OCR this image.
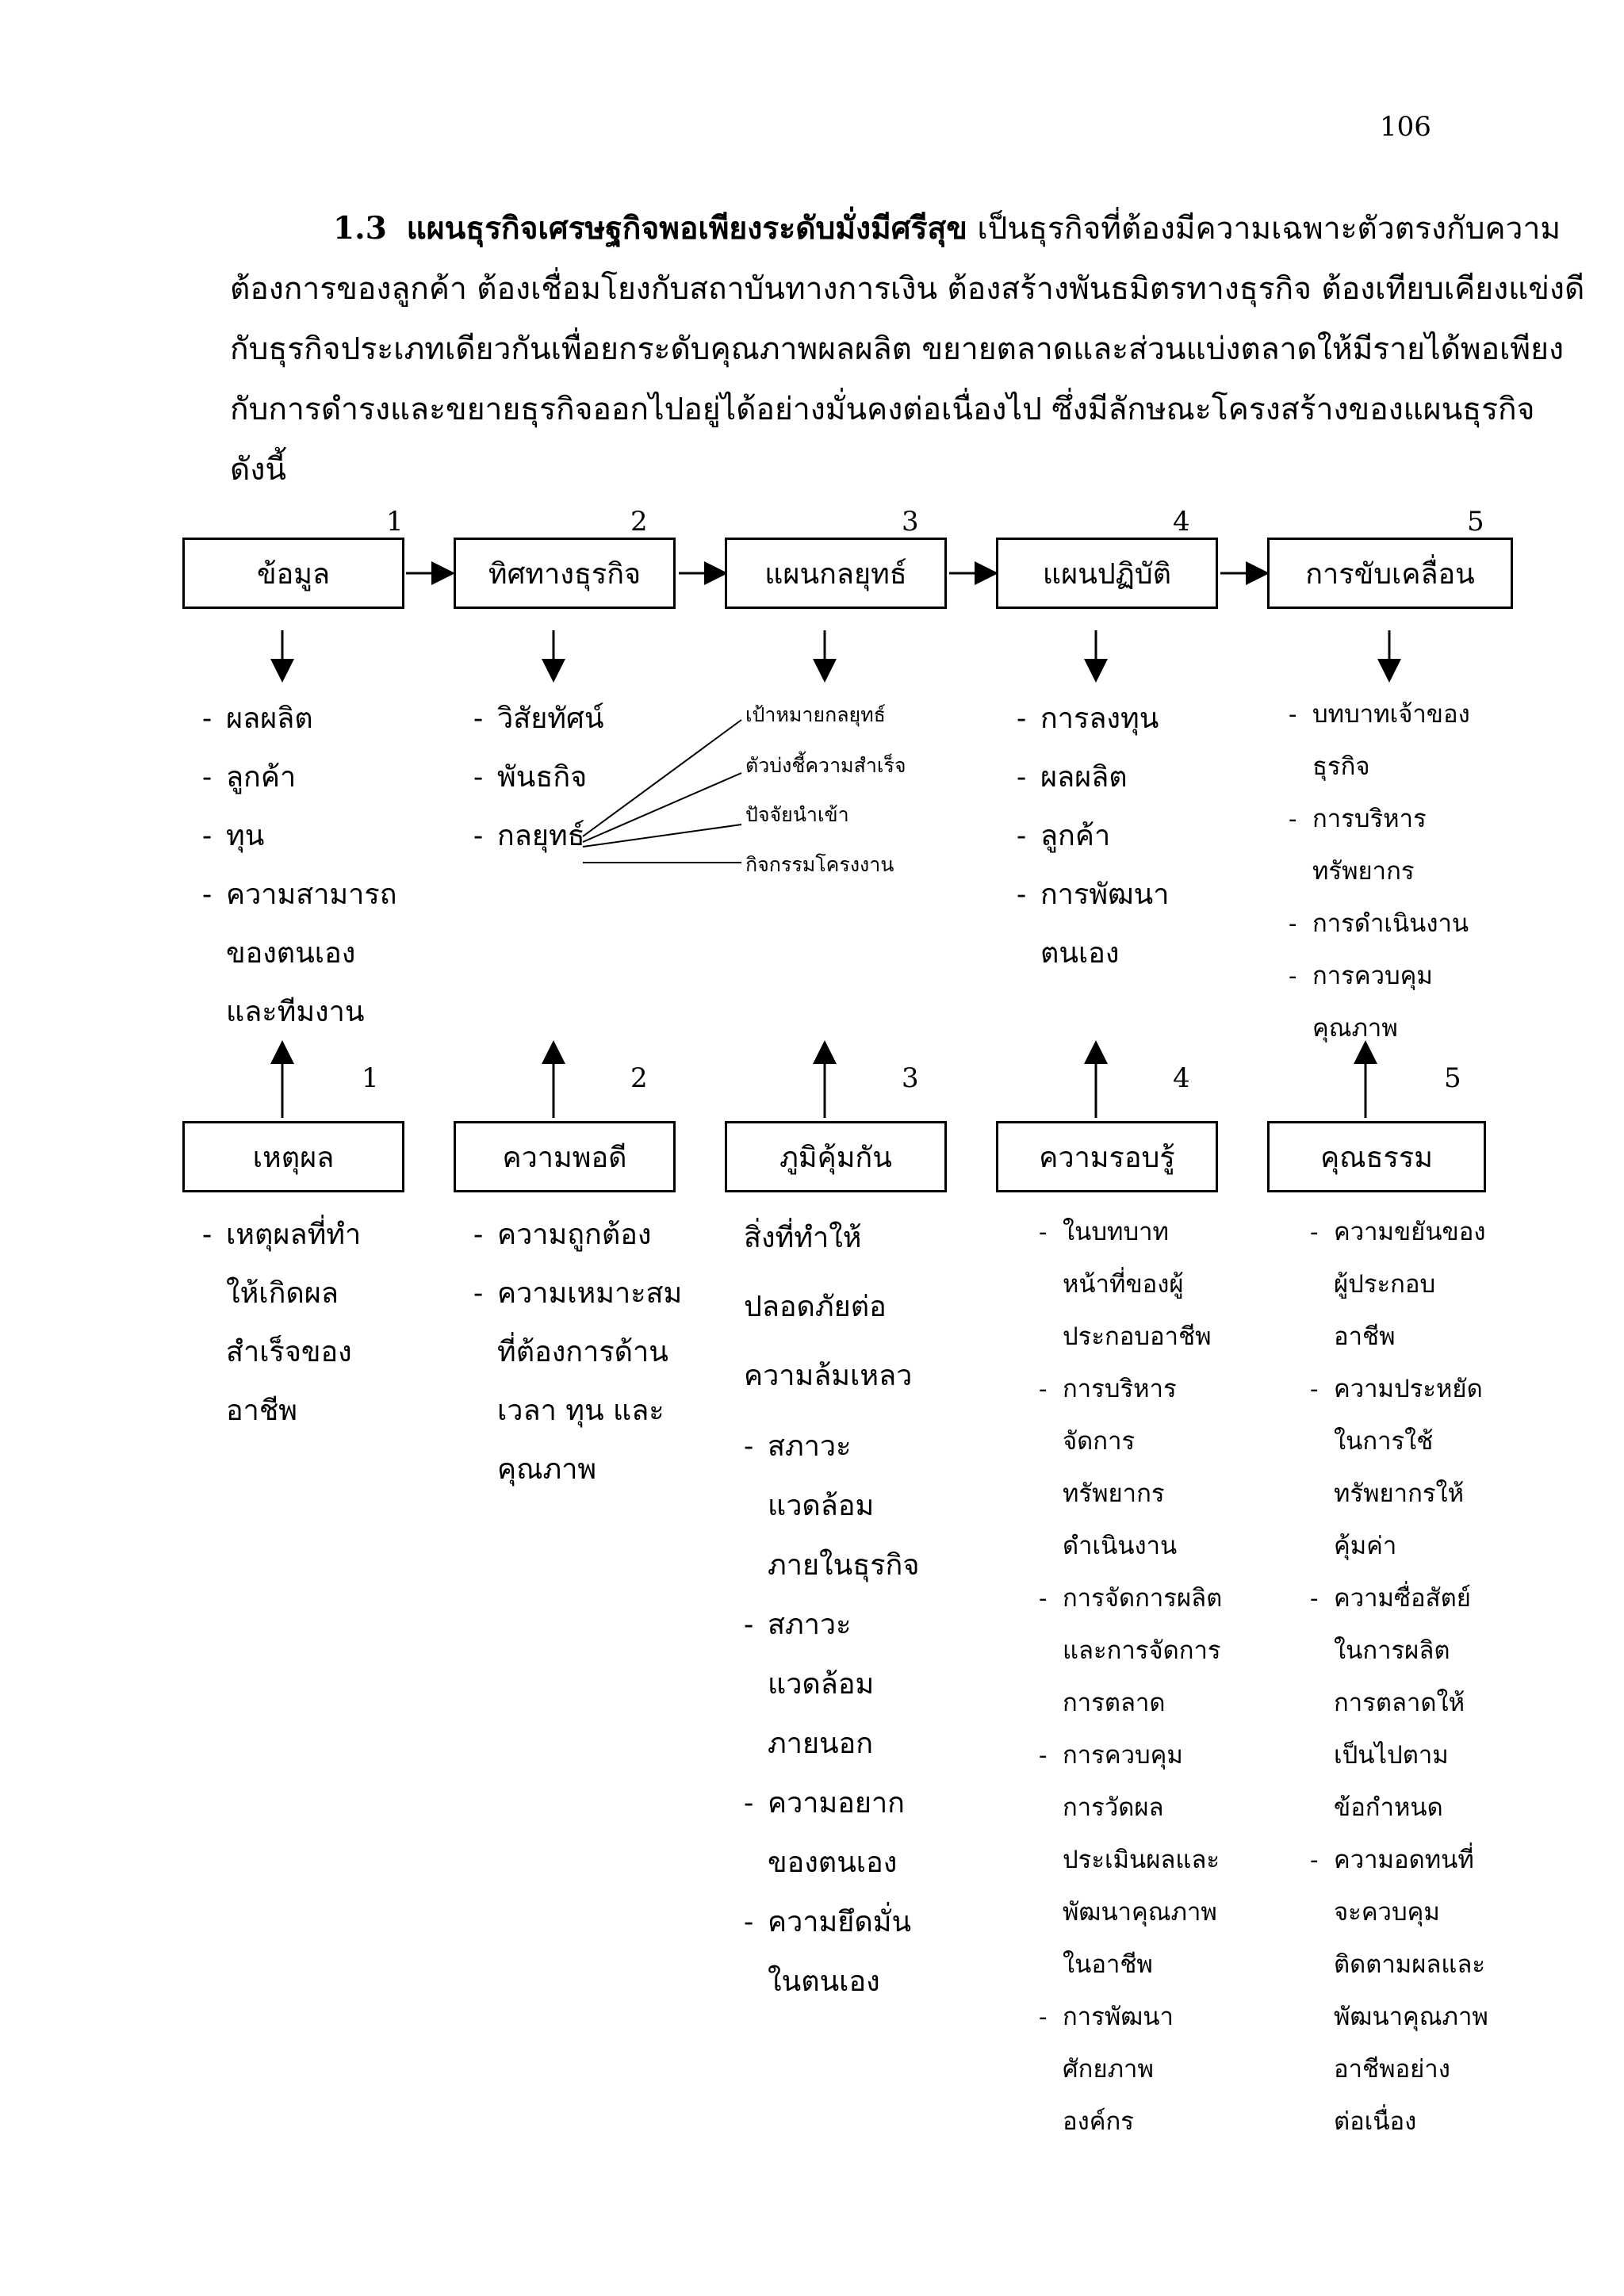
106
1.3 แผนธุรกิจเศรษฐกิจพอเพียงระดับมั่งมีศรีสุข เป็นธุรกิจที่ต้องมีความเฉพาะตัวตรงกับความ
ต้องการของลูกค้า ต้องเชื่อมโยงกับสถาบันทางการเงิน ต้องสร้างพันธมิตรทางธุรกิจ ต้องเทียบเคียงแข่งดี
กับธุรกิจประเภทเดียวกันเพื่อยกระดับคุณภาพผลผลิต ขยายตลาดและส่วนแบ่งตลาดให้มีรายได้พอเพียง
กับการดำรงและขยายธุรกิจออกไปอยู่ได้อย่างมั่นคงต่อเนื่องไป ซึ่งมีลักษณะโครงสร้างของแผนธุรกิจ
ดังนี้
1	2	3	4	5
ข้อมูล	ทิศทางธุรกิจ	แผนกลยุทธ์	แผนปฏิบัติ	การขับเคลื่อน
- ผลผลิต
- ลูกค้า
- ทุน
- ความสามารถ
ของตนเอง
และทีมงาน
- วิสัยทัศน์
- พันธกิจ
- กลยุทธ์
เป้าหมายกลยุทธ์
ตัวบ่งชี้ความสำเร็จ
ปัจจัยนำเข้า
กิจกรรมโครงงาน
- การลงทุน
- ผลผลิต
- ลูกค้า
- การพัฒนา
ตนเอง
- บทบาทเจ้าของ
ธุรกิจ
- การบริหาร
ทรัพยากร
- การดำเนินงาน
- การควบคุม
คุณภาพ
1	2	3	4	5
เหตุผล	ความพอดี	ภูมิคุ้มกัน	ความรอบรู้	คุณธรรม
- เหตุผลที่ทำ
ให้เกิดผล
สำเร็จของ
อาชีพ
- ความถูกต้อง
- ความเหมาะสม
ที่ต้องการด้าน
เวลา ทุน และ
คุณภาพ
สิ่งที่ทำให้
ปลอดภัยต่อ
ความล้มเหลว
- สภาวะ
แวดล้อม
ภายในธุรกิจ
- สภาวะ
แวดล้อม
ภายนอก
- ความอยาก
ของตนเอง
- ความยึดมั่น
ในตนเอง
- ในบทบาท
หน้าที่ของผู้
ประกอบอาชีพ
- การบริหาร
จัดการ
ทรัพยากร
ดำเนินงาน
- การจัดการผลิต
และการจัดการ
การตลาด
- การควบคุม
การวัดผล
ประเมินผลและ
พัฒนาคุณภาพ
ในอาชีพ
- การพัฒนา
ศักยภาพ
องค์กร
- ความขยันของ
ผู้ประกอบ
อาชีพ
- ความประหยัด
ในการใช้
ทรัพยากรให้
คุ้มค่า
- ความซื่อสัตย์
ในการผลิต
การตลาดให้
เป็นไปตาม
ข้อกำหนด
- ความอดทนที่
จะควบคุม
ติดตามผลและ
พัฒนาคุณภาพ
อาชีพอย่าง
ต่อเนื่อง
